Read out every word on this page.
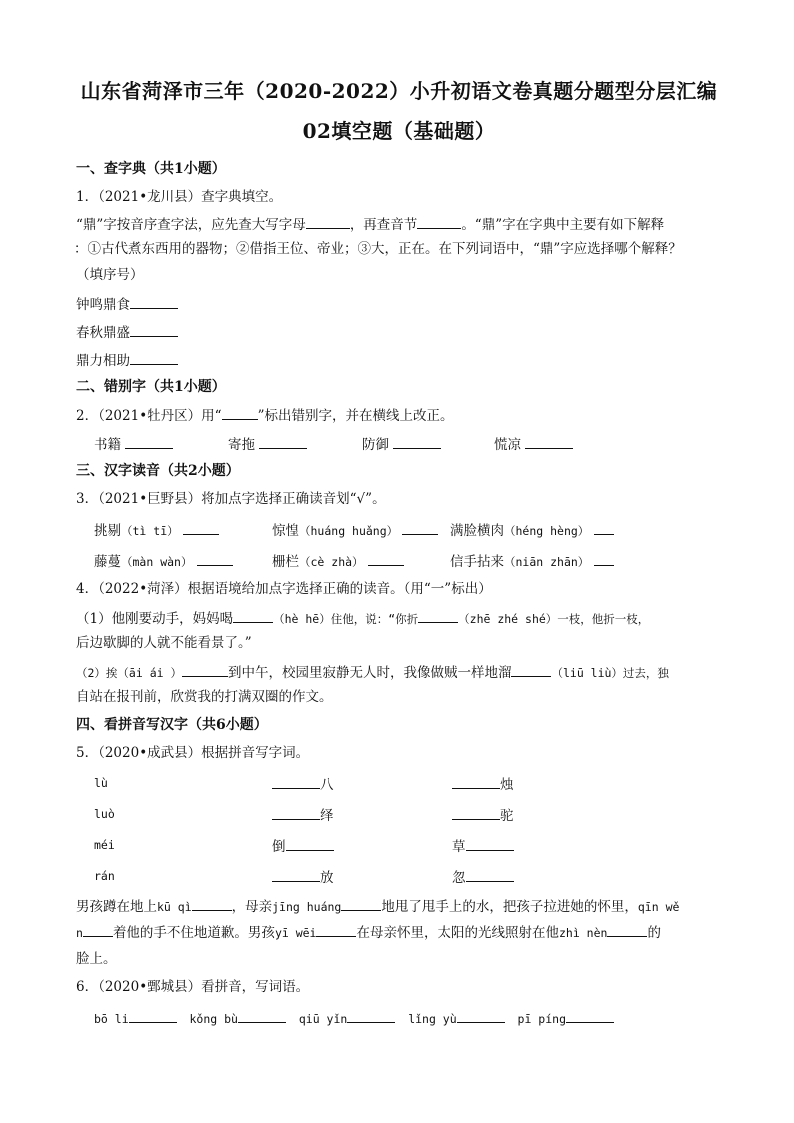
山东省菏泽市三年（2020-2022）小升初语文卷真题分题型分层汇编
02填空题（基础题）
一、查字典（共1小题）
1．（2021•龙川县）查字典填空。
“鼎”字按音序查字法，应先查大写字母	，再查音节	。“鼎”字在字典中主要有如下解释
：①古代煮东西用的器物；②借指王位、帝业；③大，正在。在下列词语中，“鼎”字应选择哪个解释？
（填序号）
钟鸣鼎食
春秋鼎盛
鼎力相助
二、错别字（共1小题）
2．（2021•牡丹区）用“	”标出错别字，并在横线上改正。
书籍	寄拖	防御	慌凉
三、汉字读音（共2小题）
3．（2021•巨野县）将加点字选择正确读音划“√”。
挑剔（tì tī）	惊惶（huáng huǎng）	满脸横肉（héng hèng）
藤蔓（màn wàn）	栅栏（cè zhà）	信手拈来（niān zhān）
4．（2022•菏泽）根据语境给加点字选择正确的读音。（用“一”标出）
（1）他刚要动手，妈妈喝	（hè hē）住他，说：“你折	（zhē zhé shé）一枝，他折一枝，
后边歇脚的人就不能看景了。”
（2）挨（āi ái ）	到中午，校园里寂静无人时，我像做贼一样地溜	（liū liù）过去，独
自站在报刊前，欣赏我的打满双圈的作文。
四、看拼音写汉字（共6小题）
5．（2020•成武县）根据拼音写字词。
lù	八	烛
luò	绎	驼
méi	倒	草
rán	放	忽
男孩蹲在地上kū qì	，母亲jīng huáng	地甩了甩手上的水，把孩子拉进她的怀里，qīn wě
n 着他的手不住地道歉。男孩yī wēi	在母亲怀里，太阳的光线照射在他zhì nèn	的
脸上。
6．（2020•鄄城县）看拼音，写词语。
bō li	kǒng bù	qiū yǐn	lǐng yù	pī píng
